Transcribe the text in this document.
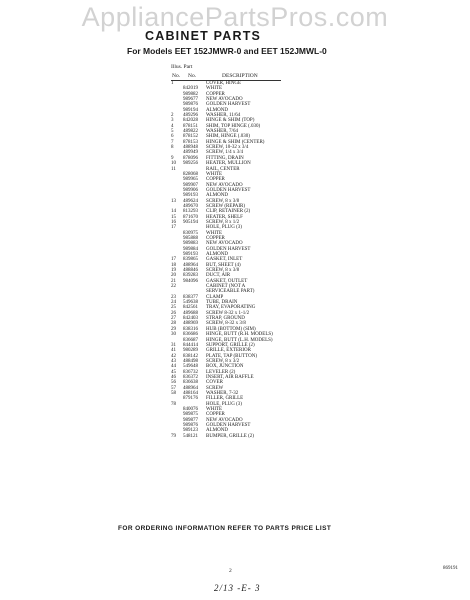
AppliancePartsPros.com
CABINET PARTS
For Models EET 152JMWR-0 and EET 152JMWL-0
Illus. Part
No. No.	DESCRIPTION
1	COVER, HINGE
842019	WHITE
989882	COPPER
989677	NEW AVOCADO
989876	GOLDEN HARVEST
989194	ALMOND
2	489296	WASHER, 11/64
3	842028	HINGE & SHIM (TOP)
4	878151	SHIM, TOP HINGE (.030)
5	489822	WASHER, 7/64
6	878152	SHIM, HINGE (.030)
7	878153	HINGE & SHIM (CENTER)
8	488948	SCREW, 10-32 x 3/4
489949	SCREW, 1/4 x 3/4
9	878096	FITTING, DRAIN
10	989256	HEATER, MULLION
11	RAIL, CENTER
828068	WHITE
989965	COPPER
989907	NEW AVOCADO
989906	GOLDEN HARVEST
989193	ALMOND
13	489624	SCREW, 8 x 3/8
489670	SCREW (REPAIR)
14	813293	CLIP, RETAINER (2)
15	871670	HEATER, SHELF
16	905194	SCREW, 8 x 1/2
17	HOLE, PLUG (3)
830975	WHITE
985888	COPPER
989883	NEW AVOCADO
989884	GOLDEN HARVEST
989193	ALMOND
17	839865	GASKET, INLET
18	488964	BUT, SHEET (4)
19	488846	SCREW, 8 x 3/8
20	839283	DUCT, AIR
21	984096	GASKET, OUTLET
22	CABINET (NOT A
SERVICEABLE PART)
23	838377	CLAMP
24	549638	TUBE, DRAIN
25	842561	TRAY, EVAPORATING
26	489688	SCREW 8-32 x 1-1/2
27	842403	STRAP, GROUND
28	488969	SCREW, 8-32 x 3/8
29	838316	HUB (BOTTOM) (SIM)
30	836686	HINGE, BUTT (R.H. MODELS)
836687	HINGE, BUTT (L.H. MODELS)
31	844414	SUPPORT, GRILLE (2)
41	980289	GRILLE, EXTERIOR
42	838142	PLATE, TAP (BUTTON)
43	488498	SCREW, 8 x 3/2
44	549648	BOX, JUNCTION
45	836732	LEVELER (2)
46	836372	INSERT, AIR BAFFLE
56	836638	COVER
57	488964	SCREW
58	488164	WASHER, 7-32
879176	FILLER, GRILLE
78	HOLE, PLUG (3)
840076	WHITE
989875	COPPER
989877	NEW AVOCADO
989876	GOLDEN HARVEST
989123	ALMOND
79	548121	BUMPER, GRILLE (2)
FOR ORDERING INFORMATION REFER TO PARTS PRICE LIST
2	869191
2/13 -E- 3
